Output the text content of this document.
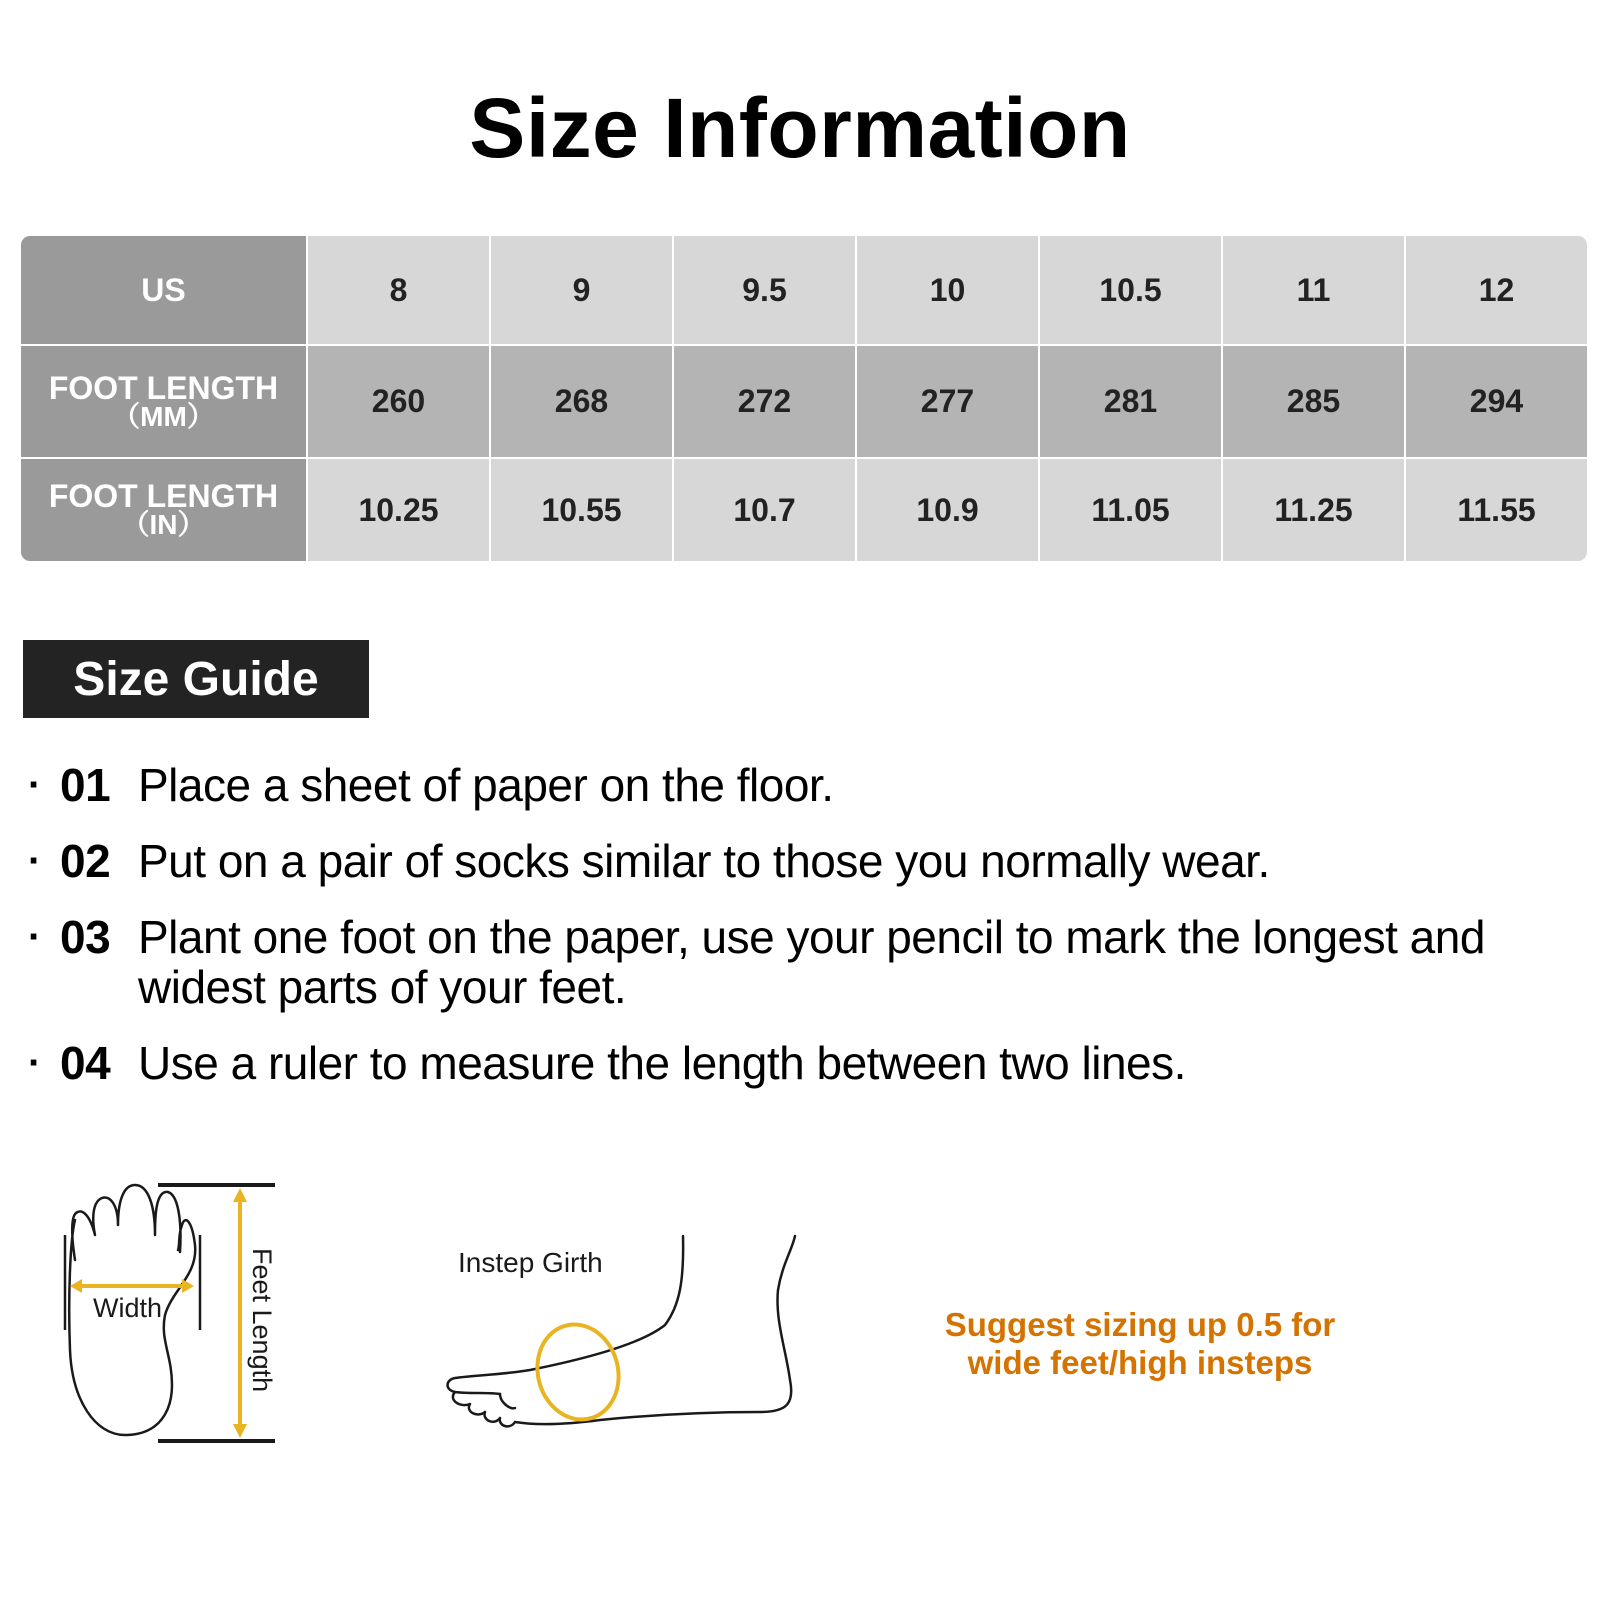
Size Information
US	8	9	9.5	10	10.5	11	12
FOOT LENGTH
（MM）	260	268	272	277	281	285	294
FOOT LENGTH
（IN）	10.25	10.55	10.7	10.9	11.05	11.25	11.55
Size Guide
· 01 Place a sheet of paper on the floor.
· 02 Put on a pair of socks similar to those you normally wear.
· 03 Plant one foot on the paper, use your pencil to mark the longest and widest parts of your feet.
· 04 Use a ruler to measure the length between two lines.
Width	Feet Length	Instep Girth
Suggest sizing up 0.5 for
wide feet/high insteps
